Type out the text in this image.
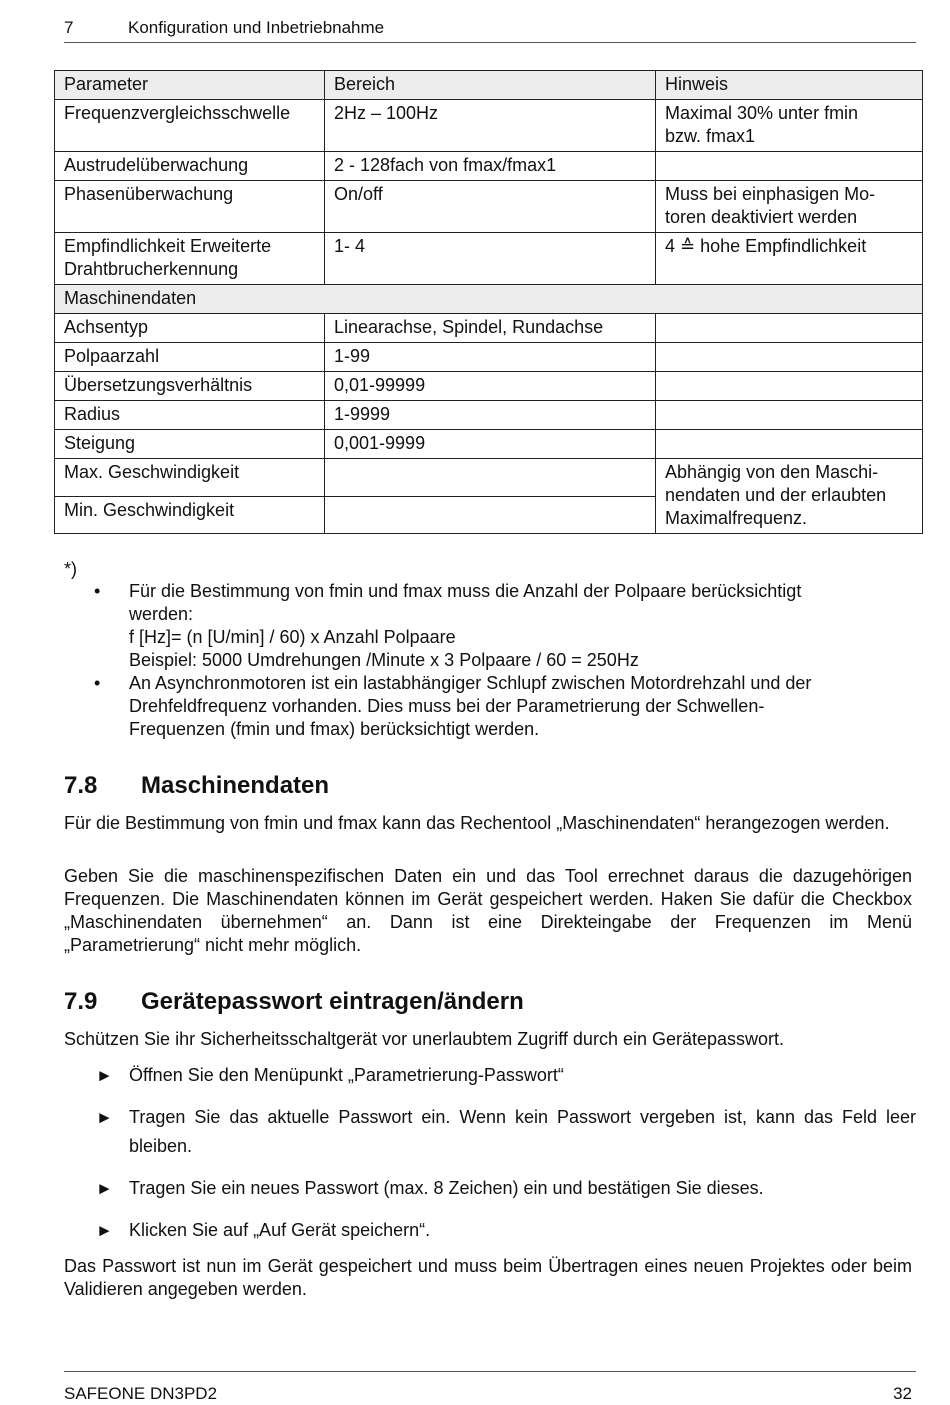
7	Konfiguration und Inbetriebnahme
Parameter	Bereich	Hinweis
Frequenzvergleichsschwelle	2Hz – 100Hz	Maximal 30% unter fmin
bzw. fmax1
Austrudelüberwachung	2 - 128fach von fmax/fmax1	
Phasenüberwachung	On/off	Muss bei einphasigen Mo-
toren deaktiviert werden
Empfindlichkeit Erweiterte
Drahtbrucherkennung	1- 4	4 ≙ hohe Empfindlichkeit
Maschinendaten		
Achsentyp	Linearachse, Spindel, Rundachse	
Polpaarzahl	1-99	
Übersetzungsverhältnis	0,01-99999	
Radius	1-9999	
Steigung	0,001-9999	
Max. Geschwindigkeit		Abhängig von den Maschi-
nendaten und der erlaubten
Maximalfrequenz.
Min. Geschwindigkeit		
*)
• Für die Bestimmung von fmin und fmax muss die Anzahl der Polpaare berücksichtigt
werden:
f [Hz]= (n [U/min] / 60) x Anzahl Polpaare
Beispiel: 5000 Umdrehungen /Minute x 3 Polpaare / 60 = 250Hz
• An Asynchronmotoren ist ein lastabhängiger Schlupf zwischen Motordrehzahl und der
Drehfeldfrequenz vorhanden. Dies muss bei der Parametrierung der Schwellen-
Frequenzen (fmin und fmax) berücksichtigt werden.
7.8 Maschinendaten
Für die Bestimmung von fmin und fmax kann das Rechentool „Maschinendaten“ herangezogen werden.
Geben Sie die maschinenspezifischen Daten ein und das Tool errechnet daraus die dazugehörigen Frequenzen. Die Maschinendaten können im Gerät gespeichert werden. Haken Sie dafür die Checkbox „Maschinendaten übernehmen“ an. Dann ist eine Direkteingabe der Frequenzen im Menü „Parametrierung“ nicht mehr möglich.
7.9 Gerätepasswort eintragen/ändern
Schützen Sie ihr Sicherheitsschaltgerät vor unerlaubtem Zugriff durch ein Gerätepasswort.
► Öffnen Sie den Menüpunkt „Parametrierung-Passwort“
► Tragen Sie das aktuelle Passwort ein. Wenn kein Passwort vergeben ist, kann das Feld leer bleiben.
► Tragen Sie ein neues Passwort (max. 8 Zeichen) ein und bestätigen Sie dieses.
► Klicken Sie auf „Auf Gerät speichern“.
Das Passwort ist nun im Gerät gespeichert und muss beim Übertragen eines neuen Projektes oder beim Validieren angegeben werden.
SAFEONE DN3PD2	32
